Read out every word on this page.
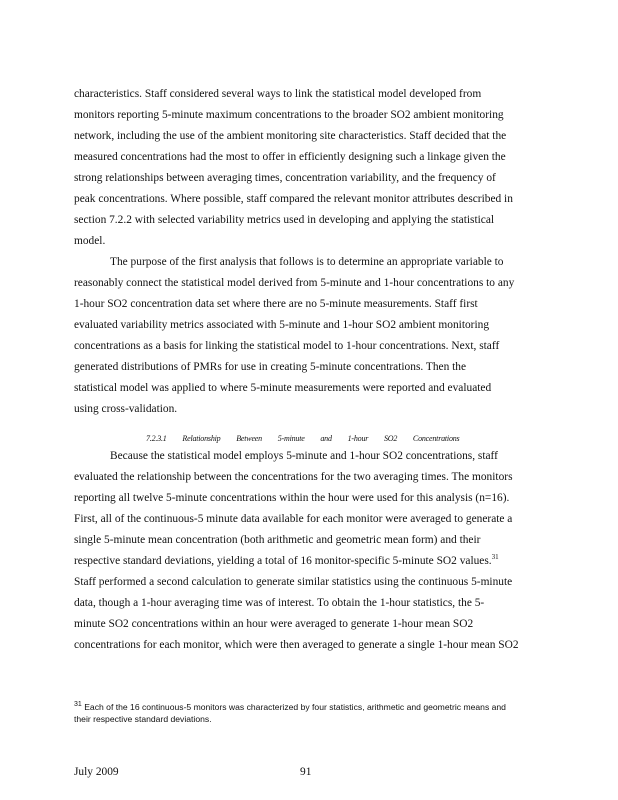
characteristics. Staff considered several ways to link the statistical model developed from
monitors reporting 5-minute maximum concentrations to the broader SO2 ambient monitoring
network, including the use of the ambient monitoring site characteristics. Staff decided that the
measured concentrations had the most to offer in efficiently designing such a linkage given the
strong relationships between averaging times, concentration variability, and the frequency of
peak concentrations. Where possible, staff compared the relevant monitor attributes described in
section 7.2.2 with selected variability metrics used in developing and applying the statistical
model.
The purpose of the first analysis that follows is to determine an appropriate variable to
reasonably connect the statistical model derived from 5-minute and 1-hour concentrations to any
1-hour SO2 concentration data set where there are no 5-minute measurements. Staff first
evaluated variability metrics associated with 5-minute and 1-hour SO2 ambient monitoring
concentrations as a basis for linking the statistical model to 1-hour concentrations. Next, staff
generated distributions of PMRs for use in creating 5-minute concentrations. Then the
statistical model was applied to where 5-minute measurements were reported and evaluated
using cross-validation.
7.2.3.1 Relationship Between 5-minute and 1-hour SO2 Concentrations
Because the statistical model employs 5-minute and 1-hour SO2 concentrations, staff
evaluated the relationship between the concentrations for the two averaging times. The monitors
reporting all twelve 5-minute concentrations within the hour were used for this analysis (n=16).
First, all of the continuous-5 minute data available for each monitor were averaged to generate a
single 5-minute mean concentration (both arithmetic and geometric mean form) and their
respective standard deviations, yielding a total of 16 monitor-specific 5-minute SO2 values.$^{31}$
Staff performed a second calculation to generate similar statistics using the continuous 5-minute
data, though a 1-hour averaging time was of interest. To obtain the 1-hour statistics, the 5-
minute SO2 concentrations within an hour were averaged to generate 1-hour mean SO2
concentrations for each monitor, which were then averaged to generate a single 1-hour mean SO2
$^{31}$ Each of the 16 continuous-5 monitors was characterized by four statistics, arithmetic and geometric means and
their respective standard deviations.
July 2009	91
